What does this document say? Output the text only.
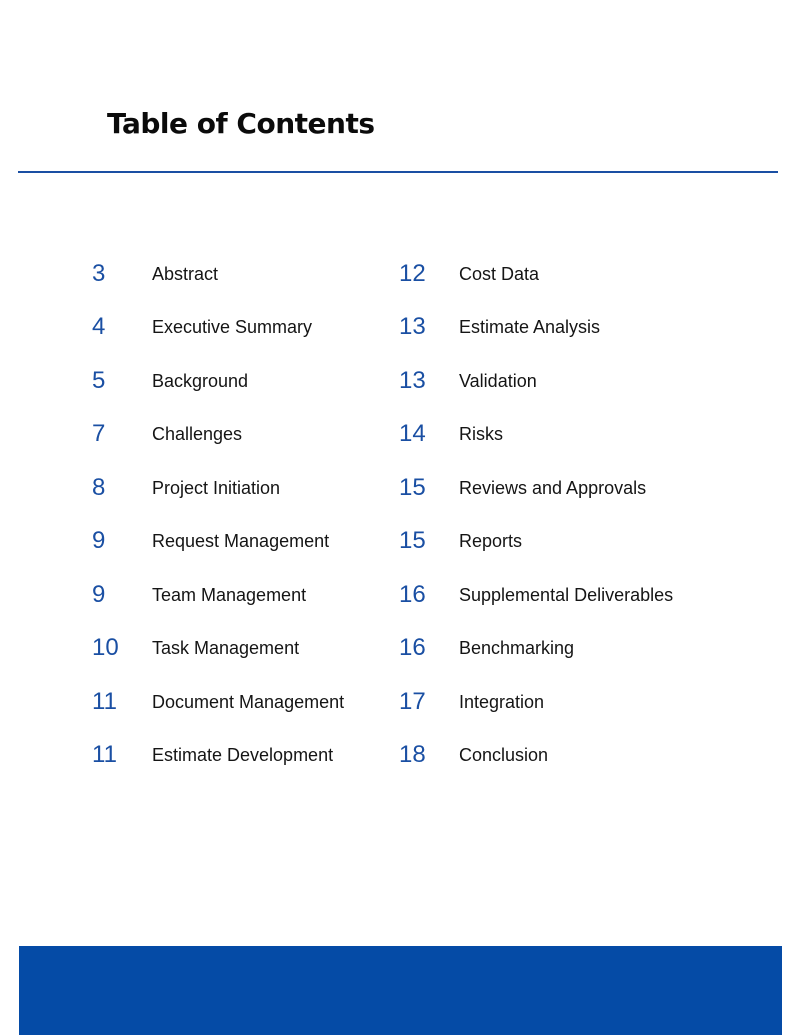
Table of Contents
3	Abstract
4	Executive Summary
5	Background
7	Challenges
8	Project Initiation
9	Request Management
9	Team Management
10	Task Management
11	Document Management
11	Estimate Development
12	Cost Data
13	Estimate Analysis
13	Validation
14	Risks
15	Reviews and Approvals
15	Reports
16	Supplemental Deliverables
16	Benchmarking
17	Integration
18	Conclusion
